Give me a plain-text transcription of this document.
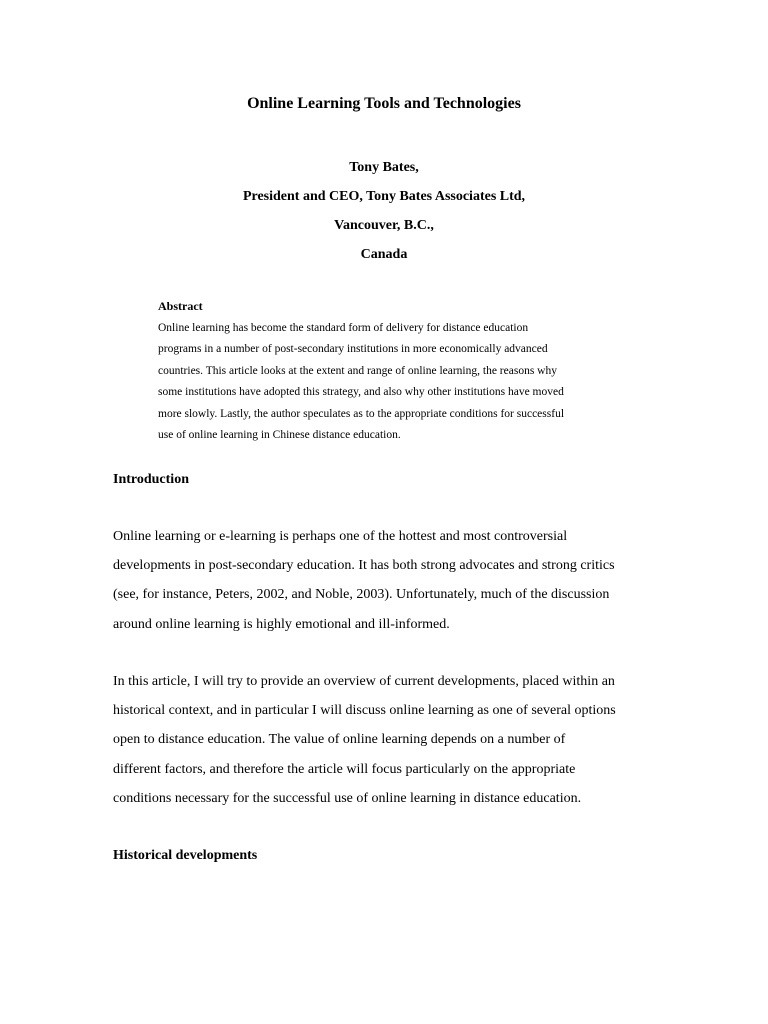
Online Learning Tools and Technologies
Tony Bates,
President and CEO, Tony Bates Associates Ltd,
Vancouver, B.C.,
Canada
Abstract
Online learning has become the standard form of delivery for distance education
programs in a number of post-secondary institutions in more economically advanced
countries. This article looks at the extent and range of online learning, the reasons why
some institutions have adopted this strategy, and also why other institutions have moved
more slowly. Lastly, the author speculates as to the appropriate conditions for successful
use of online learning in Chinese distance education.
Introduction
Online learning or e-learning is perhaps one of the hottest and most controversial
developments in post-secondary education. It has both strong advocates and strong critics
(see, for instance, Peters, 2002, and Noble, 2003). Unfortunately, much of the discussion
around online learning is highly emotional and ill-informed.
In this article, I will try to provide an overview of current developments, placed within an
historical context, and in particular I will discuss online learning as one of several options
open to distance education. The value of online learning depends on a number of
different factors, and therefore the article will focus particularly on the appropriate
conditions necessary for the successful use of online learning in distance education.
Historical developments
